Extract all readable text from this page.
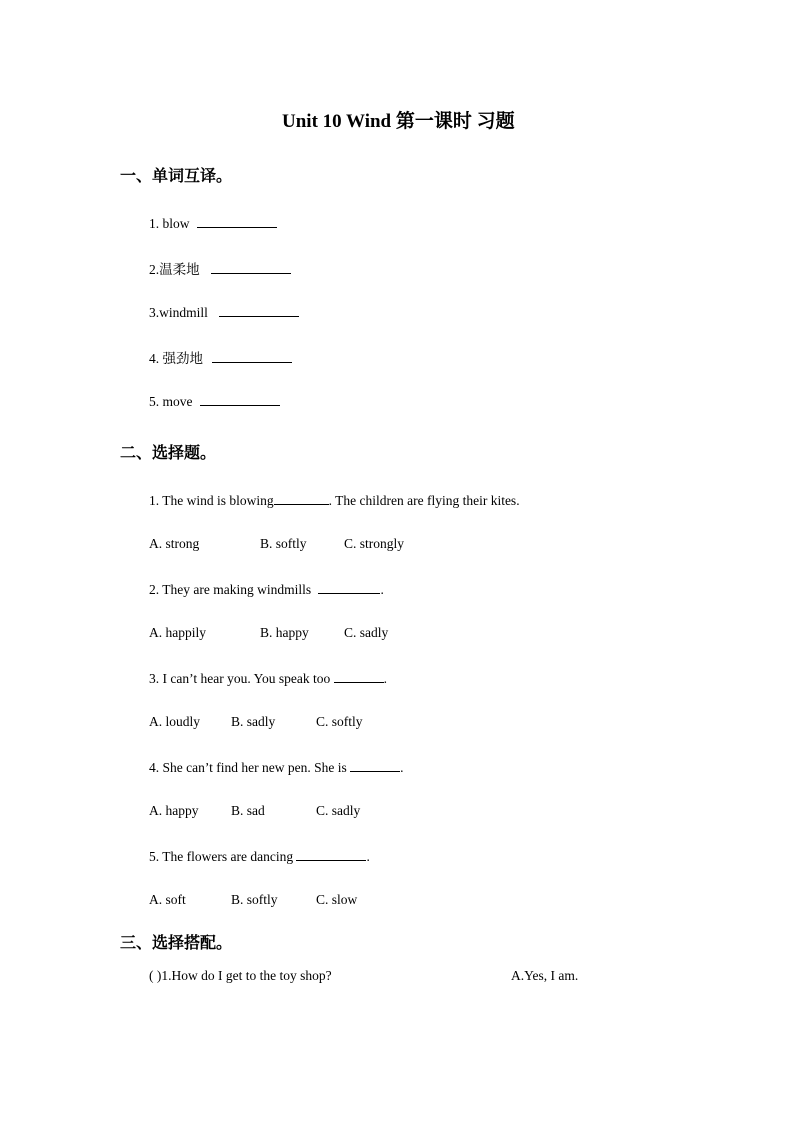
Unit 10 Wind 第一课时 习题
一、单词互译。
1. blow
2.温柔地
3.windmill
4. 强劲地
5. move
二、选择题。
1. The wind is blowing	. The children are flying their kites.
A. strong	B. softly	C. strongly
2. They are making windmills	.
A. happily	B. happy	C. sadly
3. I can’t hear you. You speak too	.
A. loudly B. sadly	C. softly
4. She can’t find her new pen. She is	.
A. happy B. sad	C. sadly
5. The flowers are dancing	.
A. soft	B. softly	C. slow
三、选择搭配。
( )1.How do I get to the toy shop?	A.Yes, I am.
